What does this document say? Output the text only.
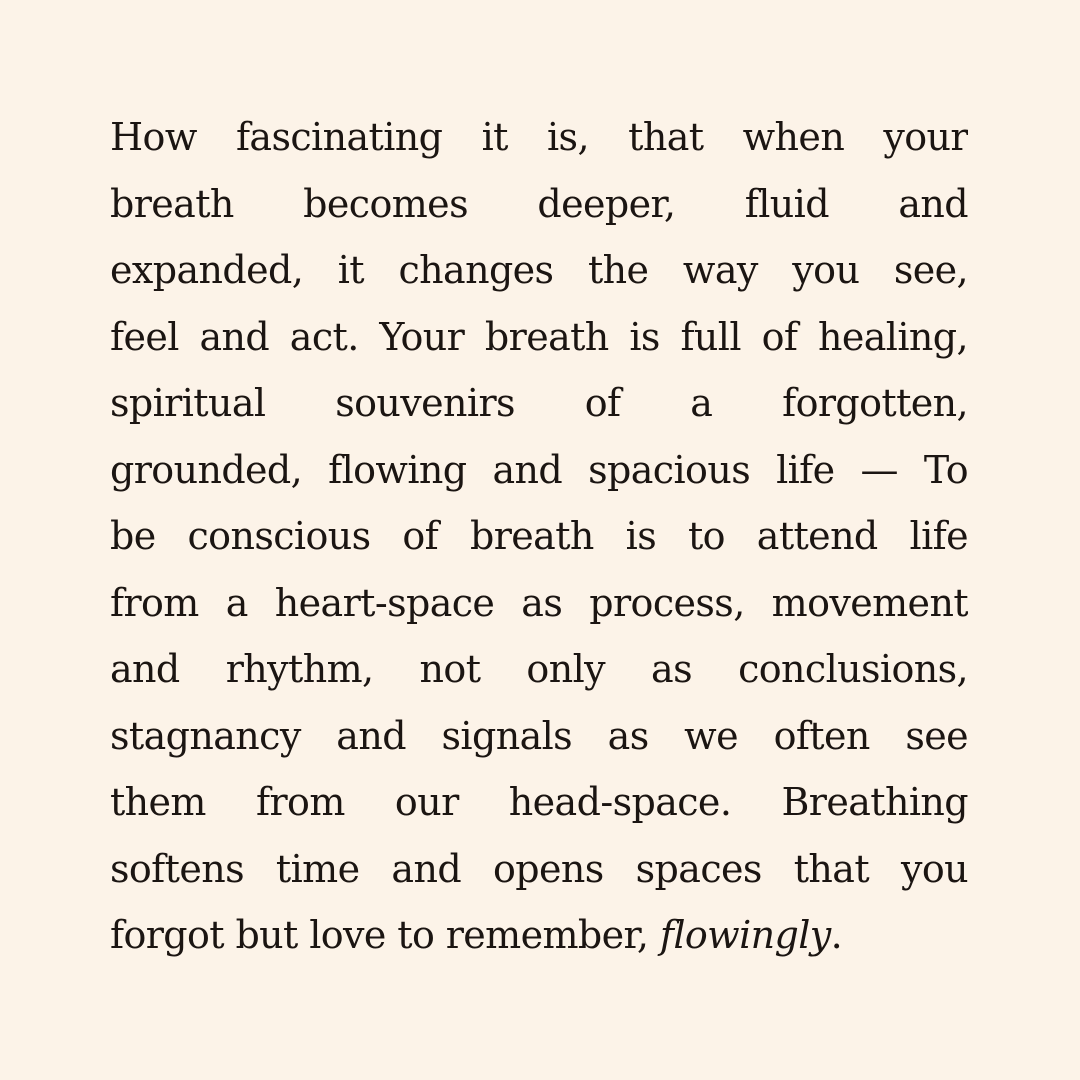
How fascinating it is, that when your
breath becomes deeper, fluid and
expanded, it changes the way you see,
feel and act. Your breath is full of healing,
spiritual souvenirs of a forgotten,
grounded, flowing and spacious life — To
be conscious of breath is to attend life
from a heart-space as process, movement
and rhythm, not only as conclusions,
stagnancy and signals as we often see
them from our head-space. Breathing
softens time and opens spaces that you
forgot but love to remember, flowingly.
